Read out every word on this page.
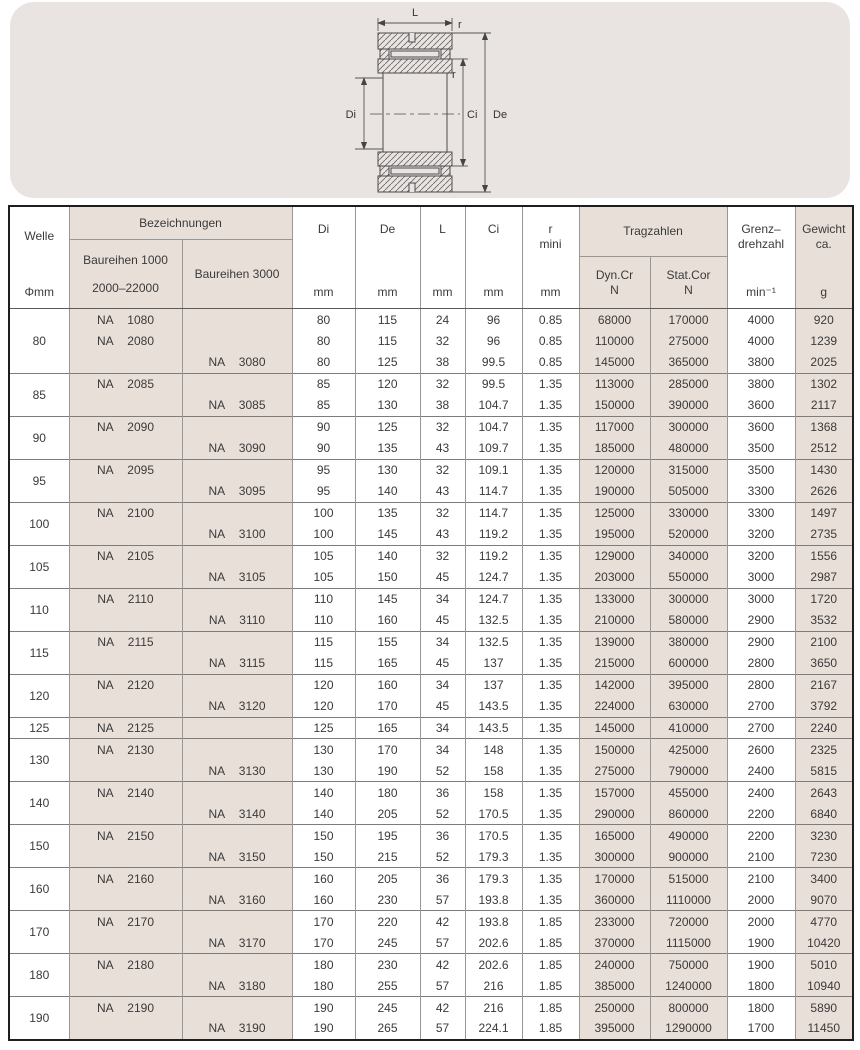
L
r
De
Ci
r
Di
Welle
Φmm

Bezeichnungen
Baureihen 1000
2000–22000
Baureihen 3000

Di
mm

De
mm

L
mm

Ci
mm

r
mini
mm

Tragzahlen
Dyn.Cr
N
Stat.Cor
N

Grenz–
drehzahl
min⁻¹

Gewicht
ca.
g

80	NA 1080		80	115	24	96	0.85	68000	170000	4000	920
	NA 2080		80	115	32	96	0.85	110000	275000	4000	1239
		NA 3080	80	125	38	99.5	0.85	145000	365000	3800	2025
85	NA 2085		85	120	32	99.5	1.35	113000	285000	3800	1302
		NA 3085	85	130	38	104.7	1.35	150000	390000	3600	2117
90	NA 2090		90	125	32	104.7	1.35	117000	300000	3600	1368
		NA 3090	90	135	43	109.7	1.35	185000	480000	3500	2512
95	NA 2095		95	130	32	109.1	1.35	120000	315000	3500	1430
		NA 3095	95	140	43	114.7	1.35	190000	505000	3300	2626
100	NA 2100		100	135	32	114.7	1.35	125000	330000	3300	1497
		NA 3100	100	145	43	119.2	1.35	195000	520000	3200	2735
105	NA 2105		105	140	32	119.2	1.35	129000	340000	3200	1556
		NA 3105	105	150	45	124.7	1.35	203000	550000	3000	2987
110	NA 2110		110	145	34	124.7	1.35	133000	300000	3000	1720
		NA 3110	110	160	45	132.5	1.35	210000	580000	2900	3532
115	NA 2115		115	155	34	132.5	1.35	139000	380000	2900	2100
		NA 3115	115	165	45	137	1.35	215000	600000	2800	3650
120	NA 2120		120	160	34	137	1.35	142000	395000	2800	2167
		NA 3120	120	170	45	143.5	1.35	224000	630000	2700	3792
125	NA 2125		125	165	34	143.5	1.35	145000	410000	2700	2240
130	NA 2130		130	170	34	148	1.35	150000	425000	2600	2325
		NA 3130	130	190	52	158	1.35	275000	790000	2400	5815
140	NA 2140		140	180	36	158	1.35	157000	455000	2400	2643
		NA 3140	140	205	52	170.5	1.35	290000	860000	2200	6840
150	NA 2150		150	195	36	170.5	1.35	165000	490000	2200	3230
		NA 3150	150	215	52	179.3	1.35	300000	900000	2100	7230
160	NA 2160		160	205	36	179.3	1.35	170000	515000	2100	3400
		NA 3160	160	230	57	193.8	1.35	360000	1110000	2000	9070
170	NA 2170		170	220	42	193.8	1.85	233000	720000	2000	4770
		NA 3170	170	245	57	202.6	1.85	370000	1115000	1900	10420
180	NA 2180		180	230	42	202.6	1.85	240000	750000	1900	5010
		NA 3180	180	255	57	216	1.85	385000	1240000	1800	10940
190	NA 2190		190	245	42	216	1.85	250000	800000	1800	5890
		NA 3190	190	265	57	224.1	1.85	395000	1290000	1700	11450
